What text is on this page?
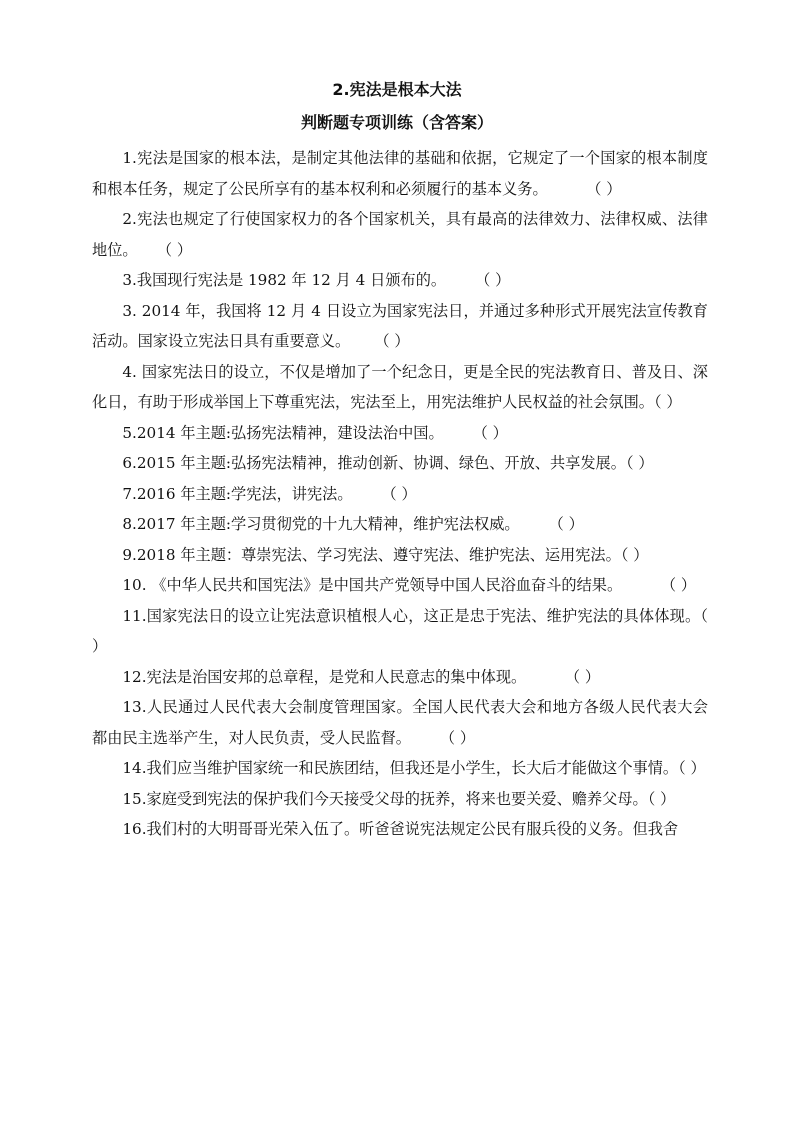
2.宪法是根本大法
判断题专项训练（含答案）

1.宪法是国家的根本法，是制定其他法律的基础和依据，它规定了一个国家的根本制度和根本任务，规定了公民所享有的基本权利和必须履行的基本义务。	（ ）

2.宪法也规定了行使国家权力的各个国家机关，具有最高的法律效力、法律权威、法律地位。 （ ）

3.我国现行宪法是 1982 年 12 月 4 日颁布的。 （ ）

3. 2014 年，我国将 12 月 4 日设立为国家宪法日，并通过多种形式开展宪法宣传教育活动。国家设立宪法日具有重要意义。 （ ）

4. 国家宪法日的设立，不仅是增加了一个纪念日，更是全民的宪法教育日、普及日、深化日，有助于形成举国上下尊重宪法，宪法至上，用宪法维护人民权益的社会氛围。（ ）

5.2014 年主题:弘扬宪法精神，建设法治中国。 （ ）

6.2015 年主题:弘扬宪法精神，推动创新、协调、绿色、开放、共享发展。（ ）

7.2016 年主题:学宪法，讲宪法。 （ ）

8.2017 年主题:学习贯彻党的十九大精神，维护宪法权威。 （ ）

9.2018 年主题：尊崇宪法、学习宪法、遵守宪法、维护宪法、运用宪法。（ ）

10. 《中华人民共和国宪法》是中国共产党领导中国人民浴血奋斗的结果。	（ ）

11.国家宪法日的设立让宪法意识植根人心，这正是忠于宪法、维护宪法的具体体现。（ ）

12.宪法是治国安邦的总章程，是党和人民意志的集中体现。	（ ）

13.人民通过人民代表大会制度管理国家。全国人民代表大会和地方各级人民代表大会都由民主选举产生，对人民负责，受人民监督。 （ ）

14.我们应当维护国家统一和民族团结，但我还是小学生，长大后才能做这个事情。（ ）

15.家庭受到宪法的保护我们今天接受父母的抚养，将来也要关爱、赡养父母。（ ）

16.我们村的大明哥哥光荣入伍了。听爸爸说宪法规定公民有服兵役的义务。但我舍
